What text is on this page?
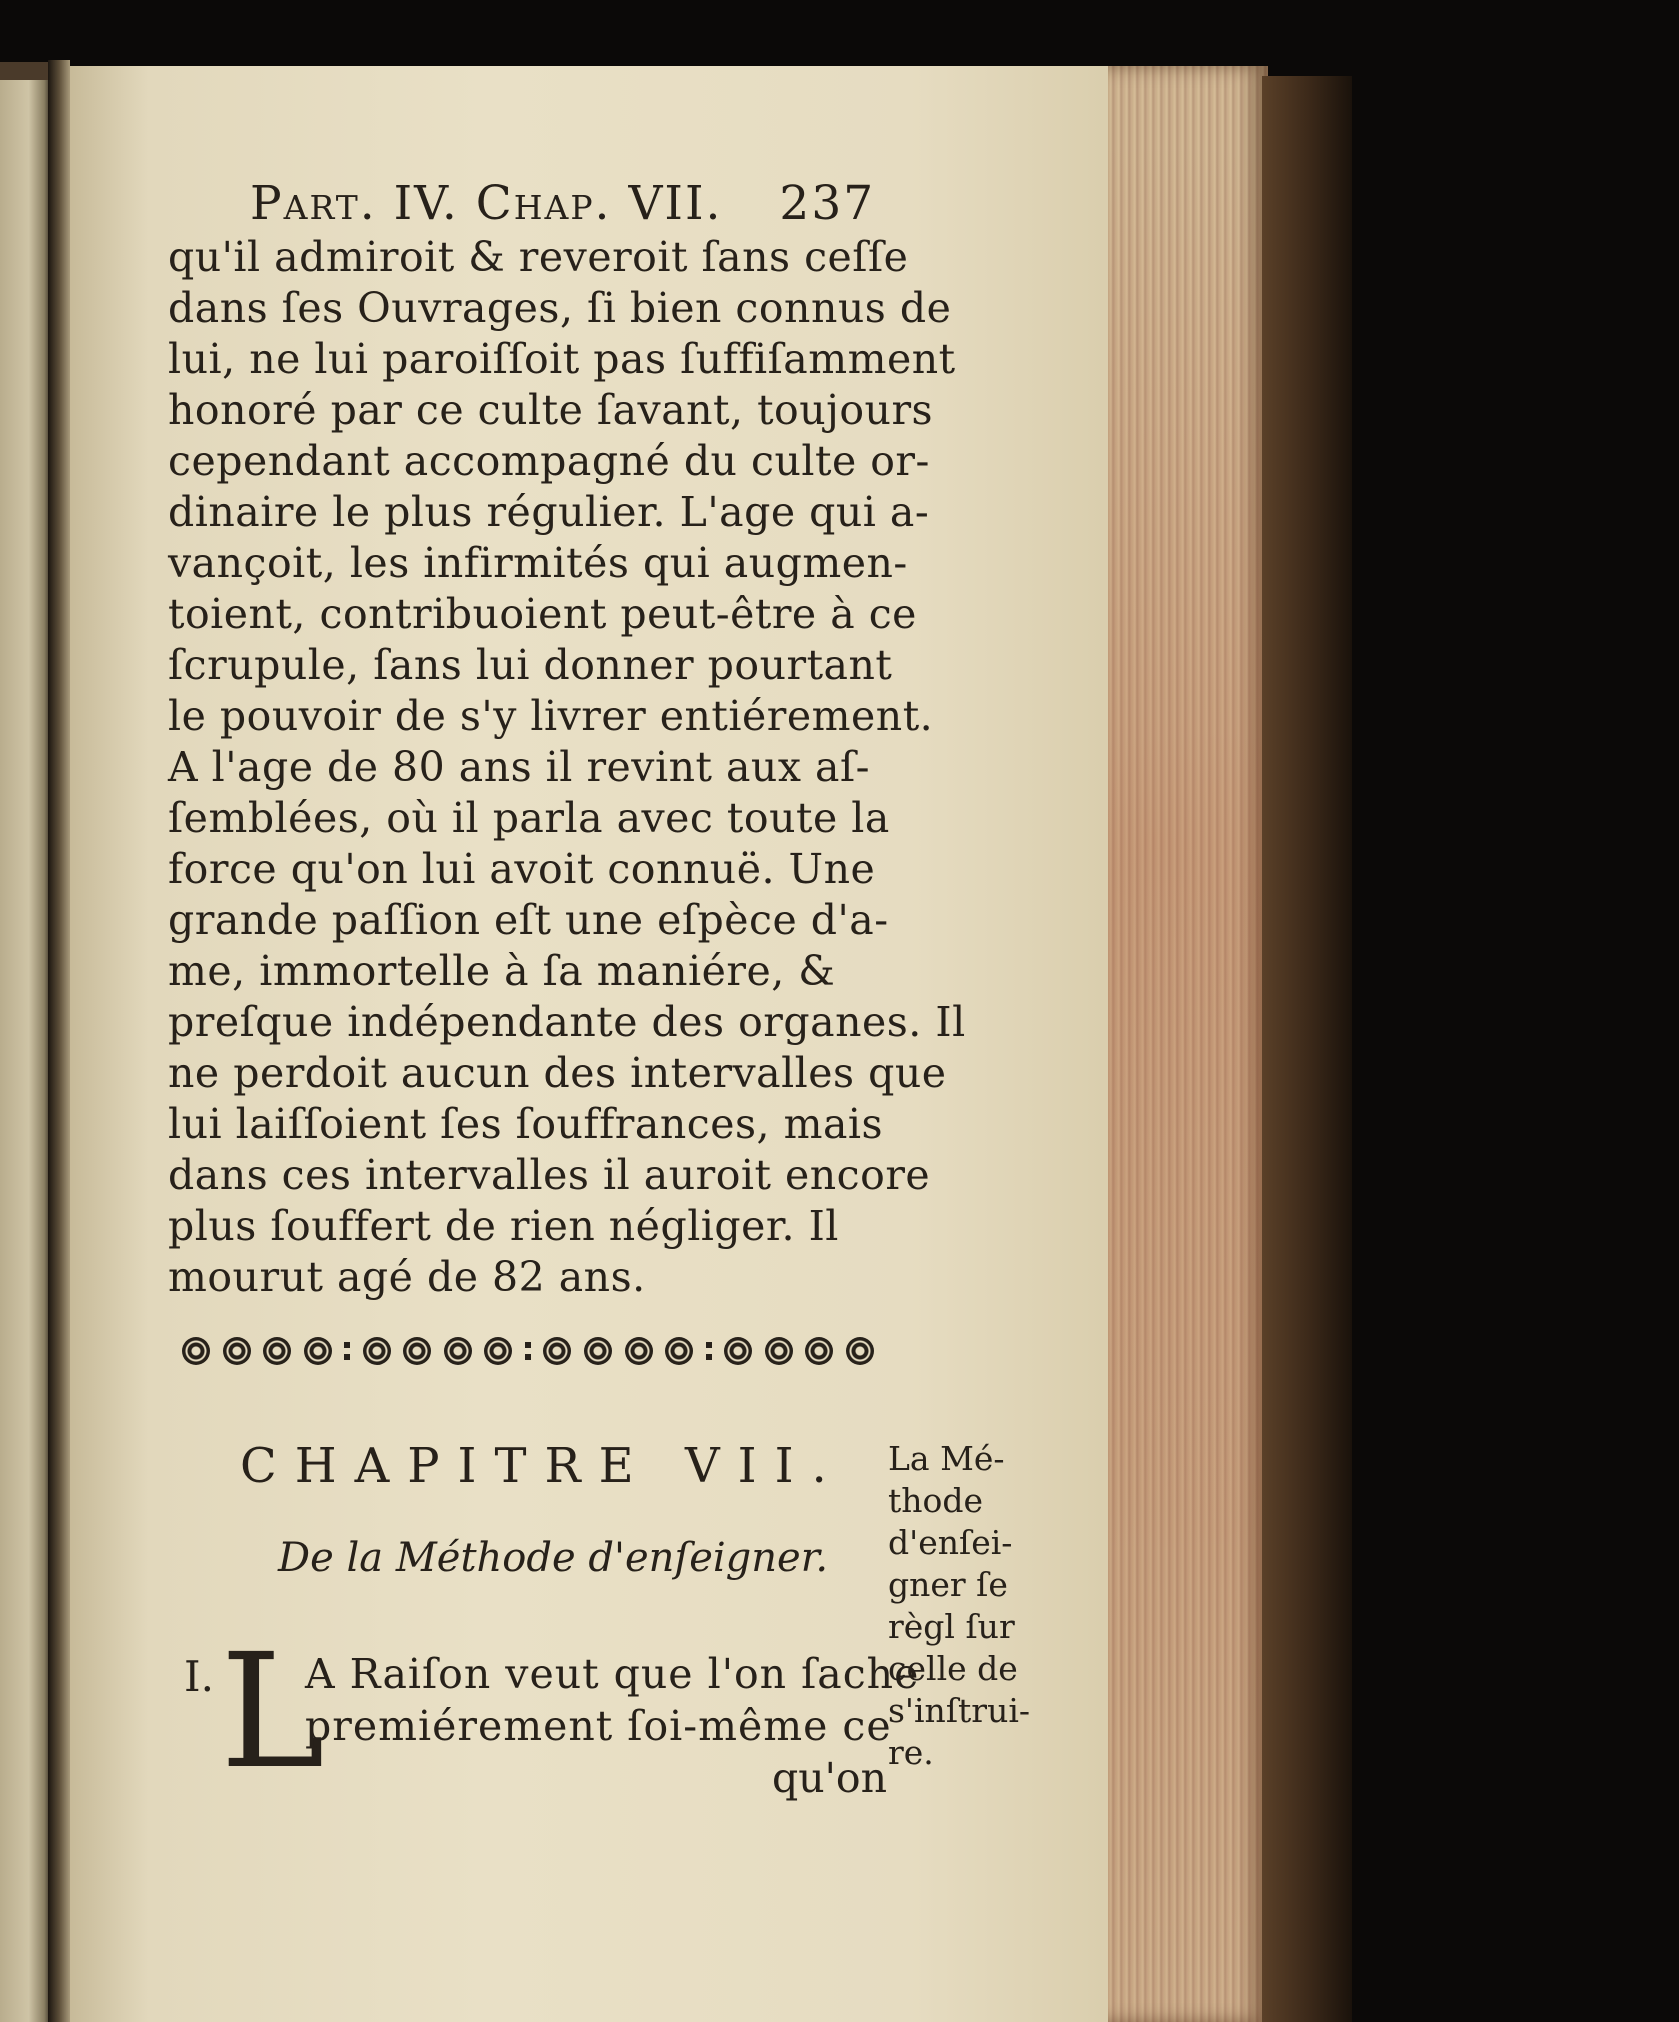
Part. IV. Chap. VII. 237
qu'il admiroit & reveroit ſans ceſſe
dans ſes Ouvrages, ſi bien connus de
lui, ne lui paroiſſoit pas ſuffiſamment
honoré par ce culte ſavant, toujours
cependant accompagné du culte or-
dinaire le plus régulier. L'age qui a-
vançoit, les infirmités qui augmen-
toient, contribuoient peut-être à ce
ſcrupule, ſans lui donner pourtant
le pouvoir de s'y livrer entiérement.
A l'age de 80 ans il revint aux aſ-
ſemblées, où il parla avec toute la
force qu'on lui avoit connuë. Une
grande paſſion eſt une eſpèce d'a-
me, immortelle à ſa maniére, &
preſque indépendante des organes. Il
ne perdoit aucun des intervalles que
lui laiſſoient ſes ſouffrances, mais
dans ces intervalles il auroit encore
plus ſouffert de rien négliger. Il
mourut agé de 82 ans.
CHAPITRE VII.
De la Méthode d'enſeigner.
I. L
A Raiſon veut que l'on ſache
premiérement ſoi-même ce
qu'on
La Mé-
thode
d'enſei-
gner ſe
règl ſur
celle de
s'inſtrui-
re.
